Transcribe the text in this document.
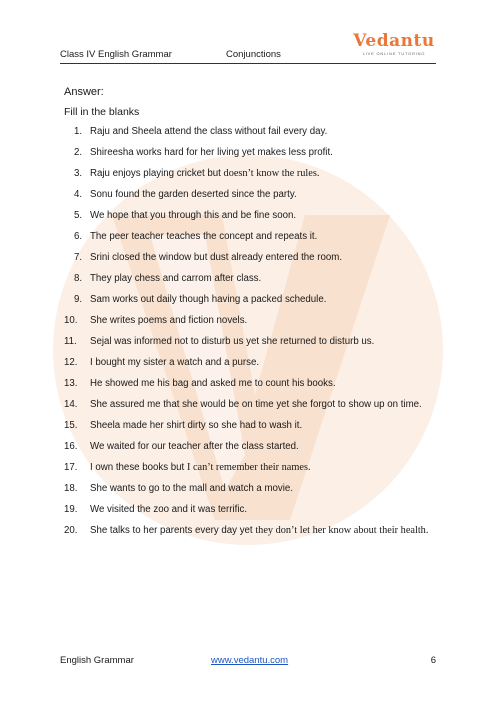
Class IV English Grammar	Conjunctions
Vedantu
LIVE ONLINE TUTORING
Answer:
Fill in the blanks
1. Raju and Sheela attend the class without fail every day.
2. Shireesha works hard for her living yet makes less profit.
3. Raju enjoys playing cricket but doesn’t know the rules.
4. Sonu found the garden deserted since the party.
5. We hope that you through this and be fine soon.
6. The peer teacher teaches the concept and repeats it.
7. Srini closed the window but dust already entered the room.
8. They play chess and carrom after class.
9. Sam works out daily though having a packed schedule.
10. She writes poems and fiction novels.
11. Sejal was informed not to disturb us yet she returned to disturb us.
12. I bought my sister a watch and a purse.
13. He showed me his bag and asked me to count his books.
14. She assured me that she would be on time yet she forgot to show up on time.
15. Sheela made her shirt dirty so she had to wash it.
16. We waited for our teacher after the class started.
17. I own these books but I can’t remember their names.
18. She wants to go to the mall and watch a movie.
19. We visited the zoo and it was terrific.
20. She talks to her parents every day yet they don’t let her know about their health.
English Grammar	www.vedantu.com	6
